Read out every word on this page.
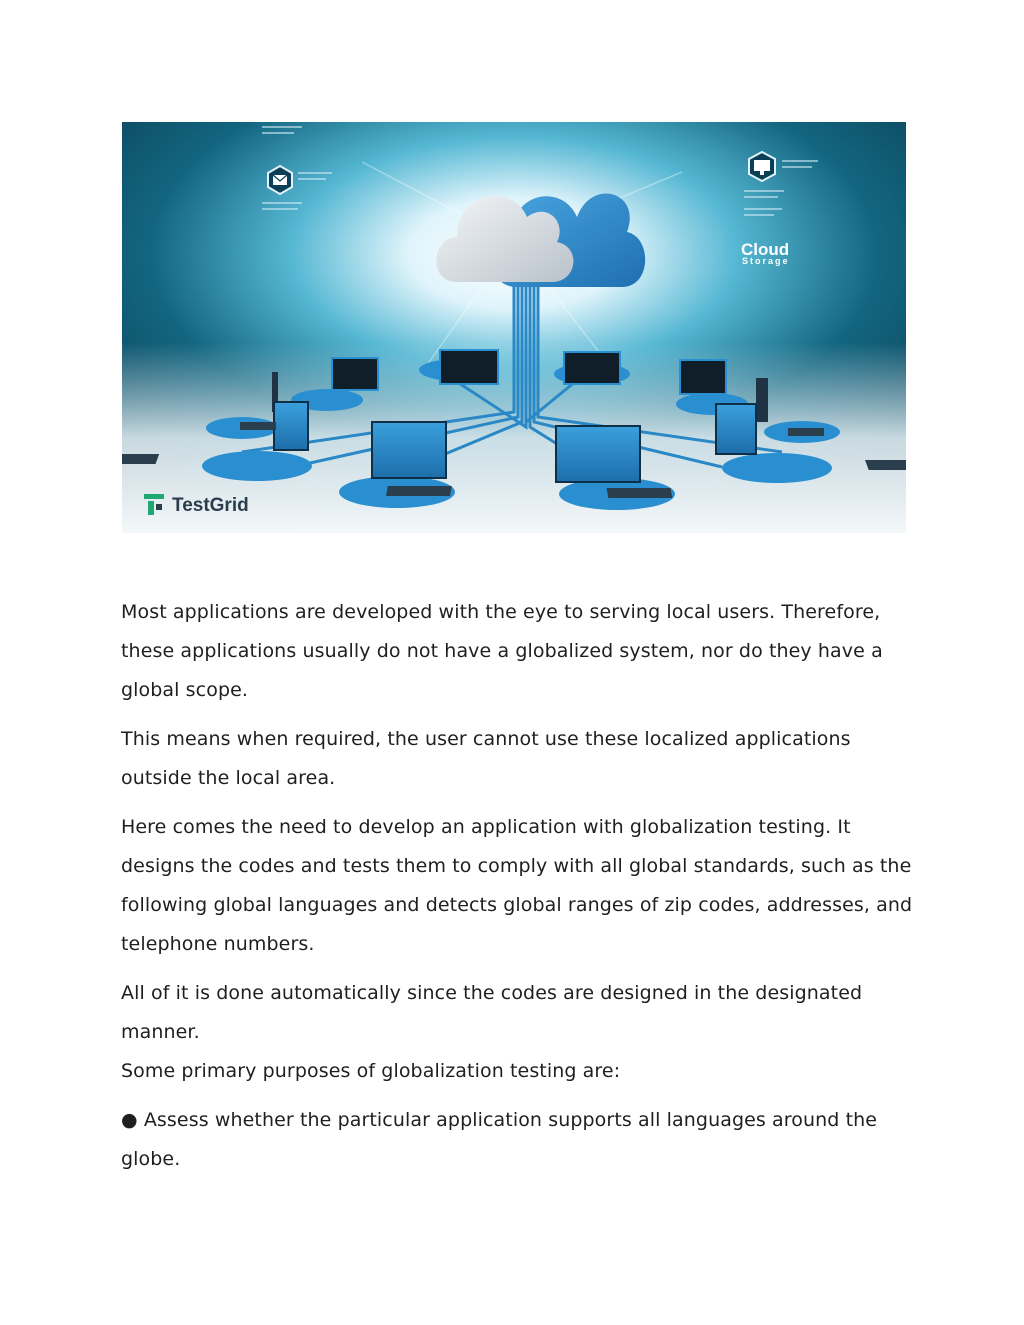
Cloud
Storage
TestGrid

Most applications are developed with the eye to serving local users. Therefore, these applications usually do not have a globalized system, nor do they have a global scope.

This means when required, the user cannot use these localized applications outside the local area.

Here comes the need to develop an application with globalization testing. It designs the codes and tests them to comply with all global standards, such as the following global languages and detects global ranges of zip codes, addresses, and telephone numbers.

All of it is done automatically since the codes are designed in the designated manner.

Some primary purposes of globalization testing are:

● Assess whether the particular application supports all languages around the globe.
